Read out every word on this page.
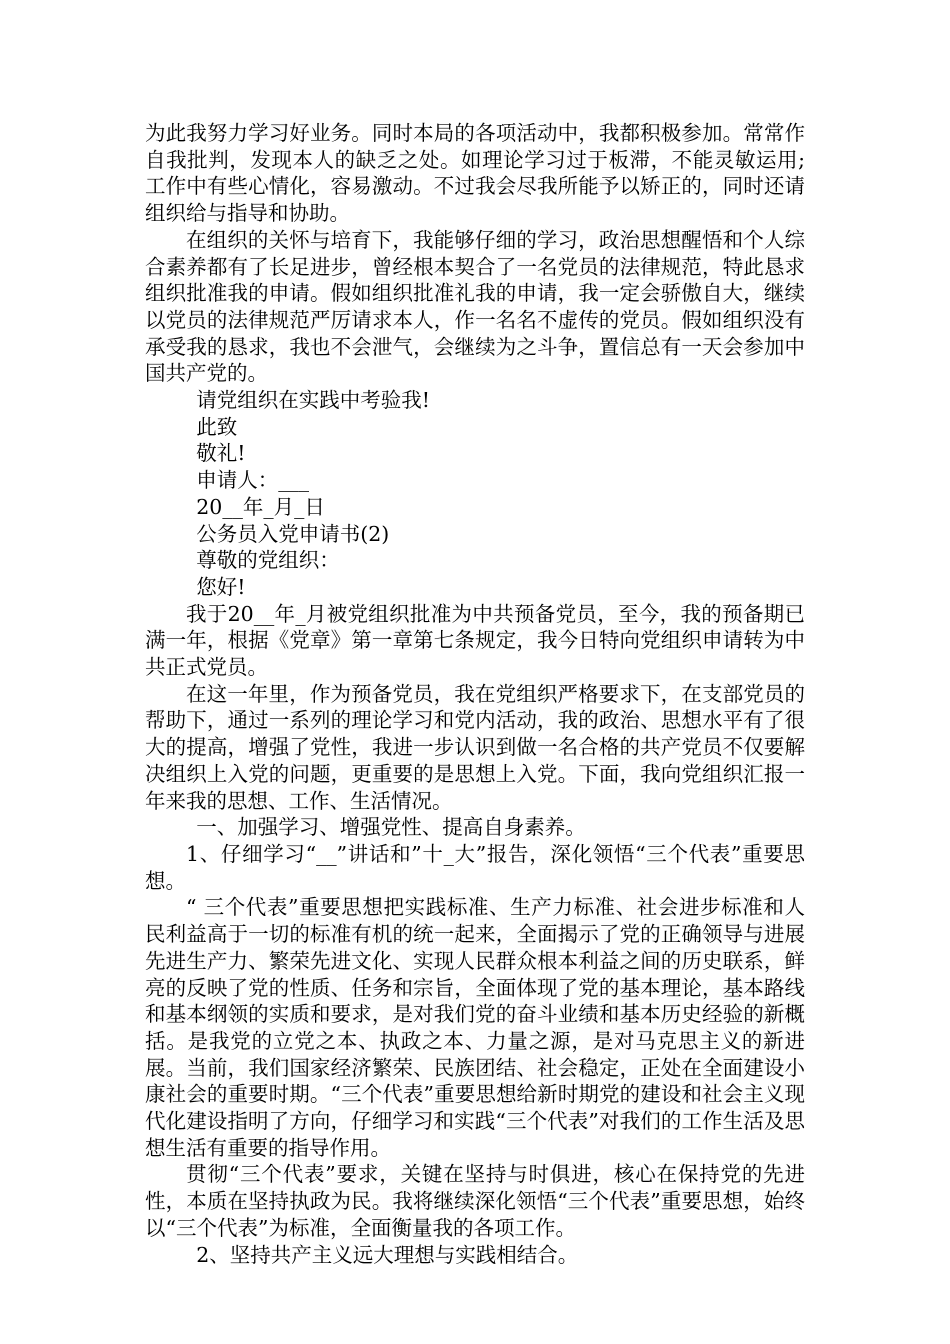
为此我努力学习好业务。同时本局的各项活动中，我都积极参加。常常作自我批判，发现本人的缺乏之处。如理论学习过于板滞，不能灵敏运用;工作中有些心情化，容易激动。不过我会尽我所能予以矫正的，同时还请组织给与指导和协助。

在组织的关怀与培育下，我能够仔细的学习，政治思想醒悟和个人综合素养都有了长足进步，曾经根本契合了一名党员的法律规范，特此恳求组织批准我的申请。假如组织批准礼我的申请，我一定会骄傲自大，继续以党员的法律规范严厉请求本人，作一名名不虚传的党员。假如组织没有承受我的恳求，我也不会泄气，会继续为之斗争，置信总有一天会参加中国共产党的。

请党组织在实践中考验我!

此致

敬礼!

申请人：___

20__年_月_日

公务员入党申请书(2)

尊敬的党组织：

您好!

我于20__年_月被党组织批准为中共预备党员，至今，我的预备期已满一年，根据《党章》第一章第七条规定，我今日特向党组织申请转为中共正式党员。

在这一年里，作为预备党员，我在党组织严格要求下，在支部党员的帮助下，通过一系列的理论学习和党内活动，我的政治、思想水平有了很大的提高，增强了党性，我进一步认识到做一名合格的共产党员不仅要解决组织上入党的问题，更重要的是思想上入党。下面，我向党组织汇报一年来我的思想、工作、生活情况。

一、加强学习、增强党性、提高自身素养。

1、仔细学习“__”讲话和”十_大”报告，深化领悟“三个代表”重要思想。

“ 三个代表”重要思想把实践标准、生产力标准、社会进步标准和人民利益高于一切的标准有机的统一起来，全面揭示了党的正确领导与进展先进生产力、繁荣先进文化、实现人民群众根本利益之间的历史联系，鲜亮的反映了党的性质、任务和宗旨，全面体现了党的基本理论，基本路线和基本纲领的实质和要求，是对我们党的奋斗业绩和基本历史经验的新概括。是我党的立党之本、执政之本、力量之源，是对马克思主义的新进展。当前，我们国家经济繁荣、民族团结、社会稳定，正处在全面建设小康社会的重要时期。“三个代表”重要思想给新时期党的建设和社会主义现代化建设指明了方向，仔细学习和实践“三个代表”对我们的工作生活及思想生活有重要的指导作用。

贯彻“三个代表”要求，关键在坚持与时俱进，核心在保持党的先进性，本质在坚持执政为民。我将继续深化领悟“三个代表”重要思想，始终以“三个代表”为标准，全面衡量我的各项工作。

2、坚持共产主义远大理想与实践相结合。
